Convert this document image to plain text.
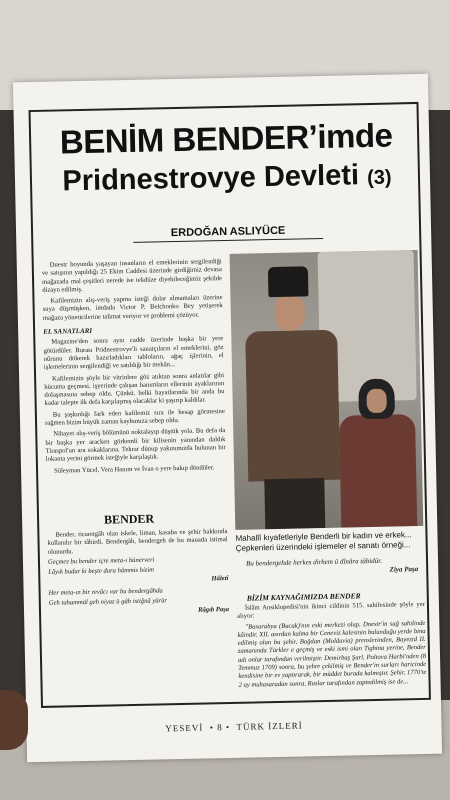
BENİM BENDER’imde
Pridnestrovye Devleti (3)
ERDOĞAN ASLIYÜCE

Dnestr boyunda yaşayan insanların el emeklerinin sergilendiği ve satışının yapıldığı 25 Ekim Caddesi üzerinde girdiğimiz devasa mağazada mal çeşitleri nerede ise tekdüze diyebileceğimiz şekilde dizayn edilmiş.

Kafilemizin alış-veriş yapma isteği dolar almamaları üzerine suya düşmüşken, imdada Victor P. Belchonko Bey yetişerek mağaza yöneticilerine talimat veriyor ve problemi çözüyor.

EL SANATLARI

Magazine'den sonra aynı cadde üzerinde başka bir yere götürdüler. Burası Pridnestrovye'li sanatçıların el emeklerini, göz nûrunu dökerek hazırladıkları tabloların, ağaç işlerinin, el işlemelerinin sergilendiği ve satıldığı bir mekân...

Kafilemizin şöyle bir vitrinlere göz atıktan sonra anlatılar gibi hücuma geçmesi, işyerinde çalışan hanımların ellerinin ayaklarının dolaşmasına sebep oldu. Çünkü, belki hayatlarında bir anda bu kadar talepte ilk defa karşılaşmış olacaklar ki şaşırıp kaldılar.

Bu şaşkınlığı fark eden kafilemiz sıra ile hesap görmesine rağmen bizim büyük zaman kaybımıza sebep oldu.

Nihayet alış-veriş bölümünü noktalayıp düştük yola. Bu defa da bir başka yer aracken görkemli bir kilisenin yanından daldık Tiraspol'un ara sokaklarına. Tekrar dünup yakınımızda bulunan bir lokanta yerini görmek isteğiyle karşılaştık.

Süleyman Yücel, Vera Hanım ve İvan o yere bakıp döndüler.

Mahallî kıyafetleriyle Benderli bir kadın ve erkek... Çepkenleri üzerindeki işlemeler el sanatı örneği...
Bu bendergehde herkes dirhem ü dînâra tâbidür.
Ziya Paşa
BENDER

Bender, ticaretgâh olan iskele, liman, kasaba ve şehir hakkında kullanılır bir tâbirdi. Bendergâh, bendergeh de bu manada istimal olunurdu.

Geçmez bu bender içre meta-ı hünerveri

Lâyık budur ki beşte dura hâmmis bizim

Hâletî

Her meta-ın bir revâcı var bu bendergâhda

Geh tahammül geh niyaz ü gâh istiğnâ yürür

Râgıb Paşa

BİZİM KAYNAĞIMIZDA BENDER

İslâm Ansiklopedisi'nin ikinci cildinin 515. sahifesinde şöyle yer alıyor:

"Basarabya (Bucak)'nın eski merkezi olup, Dnestr'in sağ sahilinde kâindir. XII. asırdan kalma bir Ceneviz kalesinin bulunduğu yerde bina edilmiş olan bu şehir, Boğdan (Moldavia) prenslerinden, Bayezid II. zamanında Türkler e geçmiş ve eski ismi olan Tighina yerine, Bender adı onlar tarafından verilmiştir. Demirbaş Şarl, Poltova Harbi'nden (8 Temmuz 1709) sonra, bu şehre çekilmiş ve Bender'in surları haricinde kendisine bir ev yaptırarak, bir müddet burada kalmıştır. Şehir, 1770'te 2 ay muhasaradan sonra, Ruslar tarafından zaptedilmiş ise de...

YESEVİ  • 8 •  TÜRK İZLERİ
